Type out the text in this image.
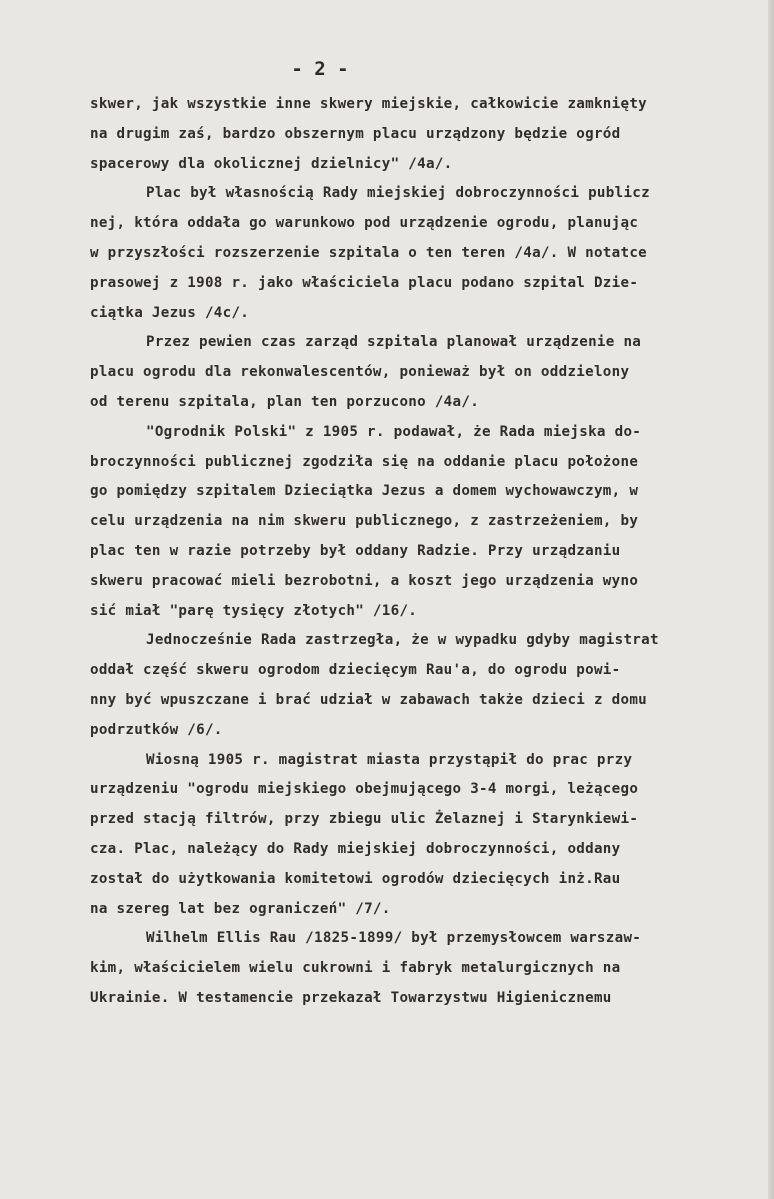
- 2 -
skwer, jak wszystkie inne skwery miejskie, całkowicie zamknięty
na drugim zaś, bardzo obszernym placu urządzony będzie ogród
spacerowy dla okolicznej dzielnicy" /4a/.
Plac był własnością Rady miejskiej dobroczynności publicz
nej, która oddała go warunkowo pod urządzenie ogrodu, planując
w przyszłości rozszerzenie szpitala o ten teren /4a/. W notatce
prasowej z 1908 r. jako właściciela placu podano szpital Dzie-
ciątka Jezus /4c/.
Przez pewien czas zarząd szpitala planował urządzenie na
placu ogrodu dla rekonwalescentów, ponieważ był on oddzielony
od terenu szpitala, plan ten porzucono /4a/.
"Ogrodnik Polski" z 1905 r. podawał, że Rada miejska do-
broczynności publicznej zgodziła się na oddanie placu położone
go pomiędzy szpitalem Dzieciątka Jezus a domem wychowawczym, w
celu urządzenia na nim skweru publicznego, z zastrzeżeniem, by
plac ten w razie potrzeby był oddany Radzie. Przy urządzaniu
skweru pracować mieli bezrobotni, a koszt jego urządzenia wyno
sić miał "parę tysięcy złotych" /16/.
Jednocześnie Rada zastrzegła, że w wypadku gdyby magistrat
oddał część skweru ogrodom dziecięcym Rau'a, do ogrodu powi-
nny być wpuszczane i brać udział w zabawach także dzieci z domu
podrzutków /6/.
Wiosną 1905 r. magistrat miasta przystąpił do prac przy
urządzeniu "ogrodu miejskiego obejmującego 3-4 morgi, leżącego
przed stacją filtrów, przy zbiegu ulic Żelaznej i Starynkiewi-
cza. Plac, należący do Rady miejskiej dobroczynności, oddany
został do użytkowania komitetowi ogrodów dziecięcych inż.Rau
na szereg lat bez ograniczeń" /7/.
Wilhelm Ellis Rau /1825-1899/ był przemysłowcem warszaw-
kim, właścicielem wielu cukrowni i fabryk metalurgicznych na
Ukrainie. W testamencie przekazał Towarzystwu Higienicznemu
